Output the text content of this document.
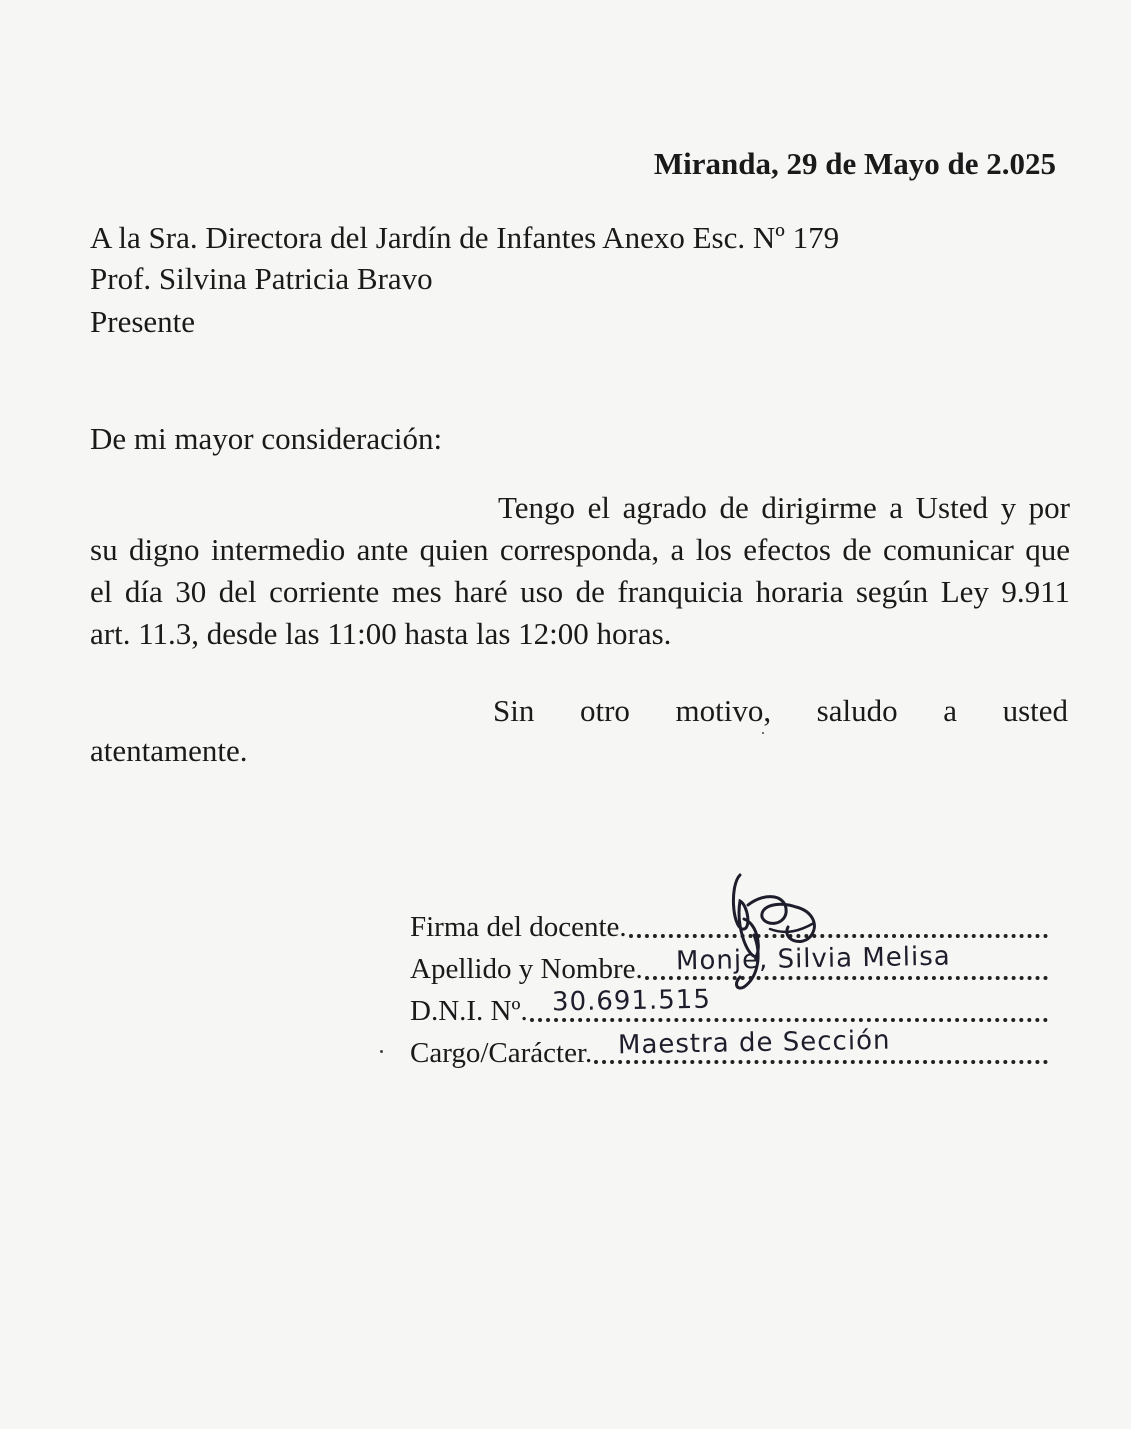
Miranda, 29 de Mayo de 2.025
A la Sra. Directora del Jardín de Infantes Anexo Esc. Nº 179
Prof. Silvina Patricia Bravo
Presente
De mi mayor consideración:
Tengo el agrado de dirigirme a Usted y por
su digno intermedio ante quien corresponda, a los efectos de comunicar que
el día 30 del corriente mes haré uso de franquicia horaria según Ley 9.911
art. 11.3, desde las 11:00 hasta las 12:00 horas.
Sin otro motivo, saludo a usted
atentamente.
Firma del docente.
Apellido y Nombre.
D.N.I. Nº.
Cargo/Carácter.
Monje, Silvia Melisa
30.691.515
Maestra de Sección
